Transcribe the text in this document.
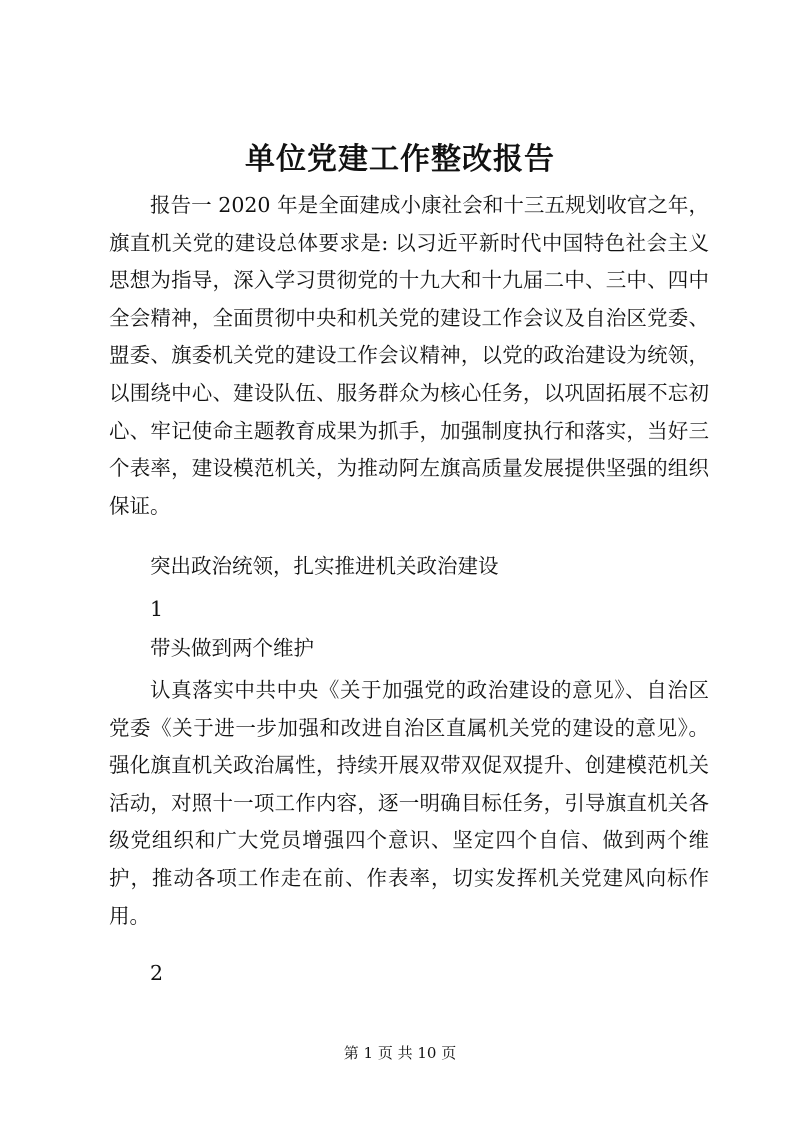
单位党建工作整改报告

报告一 2020 年是全面建成小康社会和十三五规划收官之年，旗直机关党的建设总体要求是: 以习近平新时代中国特色社会主义思想为指导，深入学习贯彻党的十九大和十九届二中、三中、四中全会精神，全面贯彻中央和机关党的建设工作会议及自治区党委、盟委、旗委机关党的建设工作会议精神，以党的政治建设为统领，以围绕中心、建设队伍、服务群众为核心任务，以巩固拓展不忘初心、牢记使命主题教育成果为抓手，加强制度执行和落实，当好三个表率，建设模范机关，为推动阿左旗高质量发展提供坚强的组织保证。

突出政治统领，扎实推进机关政治建设

1

带头做到两个维护

认真落实中共中央《关于加强党的政治建设的意见》、自治区党委《关于进一步加强和改进自治区直属机关党的建设的意见》。强化旗直机关政治属性，持续开展双带双促双提升、创建模范机关活动，对照十一项工作内容，逐一明确目标任务，引导旗直机关各级党组织和广大党员增强四个意识、坚定四个自信、做到两个维护，推动各项工作走在前、作表率，切实发挥机关党建风向标作用。

2

第 1 页 共 10 页
